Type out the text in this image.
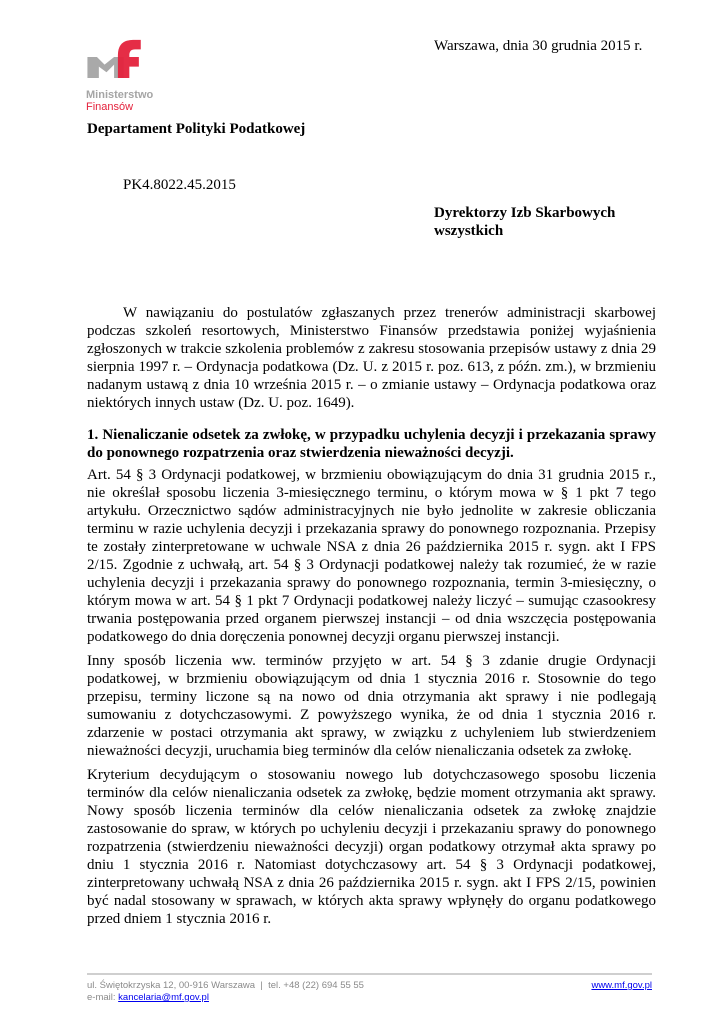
Ministerstwo
Finansów
Warszawa, dnia 30 grudnia 2015 r.
Departament Polityki Podatkowej
PK4.8022.45.2015
Dyrektorzy Izb Skarbowych
wszystkich

W nawiązaniu do postulatów zgłaszanych przez trenerów administracji skarbowej podczas szkoleń resortowych, Ministerstwo Finansów przedstawia poniżej wyjaśnienia zgłoszonych w trakcie szkolenia problemów z zakresu stosowania przepisów ustawy z dnia 29 sierpnia 1997 r. – Ordynacja podatkowa (Dz. U. z 2015 r. poz. 613, z późn. zm.), w brzmieniu nadanym ustawą z dnia 10 września 2015 r. – o zmianie ustawy – Ordynacja podatkowa oraz niektórych innych ustaw (Dz. U. poz. 1649).

1. Nienaliczanie odsetek za zwłokę, w przypadku uchylenia decyzji i przekazania sprawy do ponownego rozpatrzenia oraz stwierdzenia nieważności decyzji.

Art. 54 § 3 Ordynacji podatkowej, w brzmieniu obowiązującym do dnia 31 grudnia 2015 r., nie określał sposobu liczenia 3-miesięcznego terminu, o którym mowa w § 1 pkt 7 tego artykułu. Orzecznictwo sądów administracyjnych nie było jednolite w zakresie obliczania terminu w razie uchylenia decyzji i przekazania sprawy do ponownego rozpoznania. Przepisy te zostały zinterpretowane w uchwale NSA z dnia 26 października 2015 r. sygn. akt I FPS 2/15. Zgodnie z uchwałą, art. 54 § 3 Ordynacji podatkowej należy tak rozumieć, że w razie uchylenia decyzji i przekazania sprawy do ponownego rozpoznania, termin 3-miesięczny, o którym mowa w art. 54 § 1 pkt 7 Ordynacji podatkowej należy liczyć – sumując czasookresy trwania postępowania przed organem pierwszej instancji – od dnia wszczęcia postępowania podatkowego do dnia doręczenia ponownej decyzji organu pierwszej instancji.

Inny sposób liczenia ww. terminów przyjęto w art. 54 § 3 zdanie drugie Ordynacji podatkowej, w brzmieniu obowiązującym od dnia 1 stycznia 2016 r. Stosownie do tego przepisu, terminy liczone są na nowo od dnia otrzymania akt sprawy i nie podlegają sumowaniu z dotychczasowymi. Z powyższego wynika, że od dnia 1 stycznia 2016 r. zdarzenie w postaci otrzymania akt sprawy, w związku z uchyleniem lub stwierdzeniem nieważności decyzji, uruchamia bieg terminów dla celów nienaliczania odsetek za zwłokę.

Kryterium decydującym o stosowaniu nowego lub dotychczasowego sposobu liczenia terminów dla celów nienaliczania odsetek za zwłokę, będzie moment otrzymania akt sprawy. Nowy sposób liczenia terminów dla celów nienaliczania odsetek za zwłokę znajdzie zastosowanie do spraw, w których po uchyleniu decyzji i przekazaniu sprawy do ponownego rozpatrzenia (stwierdzeniu nieważności decyzji) organ podatkowy otrzymał akta sprawy po dniu 1 stycznia 2016 r. Natomiast dotychczasowy art. 54 § 3 Ordynacji podatkowej, zinterpretowany uchwałą NSA z dnia 26 października 2015 r. sygn. akt I FPS 2/15, powinien być nadal stosowany w sprawach, w których akta sprawy wpłynęły do organu podatkowego przed dniem 1 stycznia 2016 r.

ul. Świętokrzyska 12, 00-916 Warszawa  |  tel. +48 (22) 694 55 55
e-mail: kancelaria@mf.gov.pl
www.mf.gov.pl
